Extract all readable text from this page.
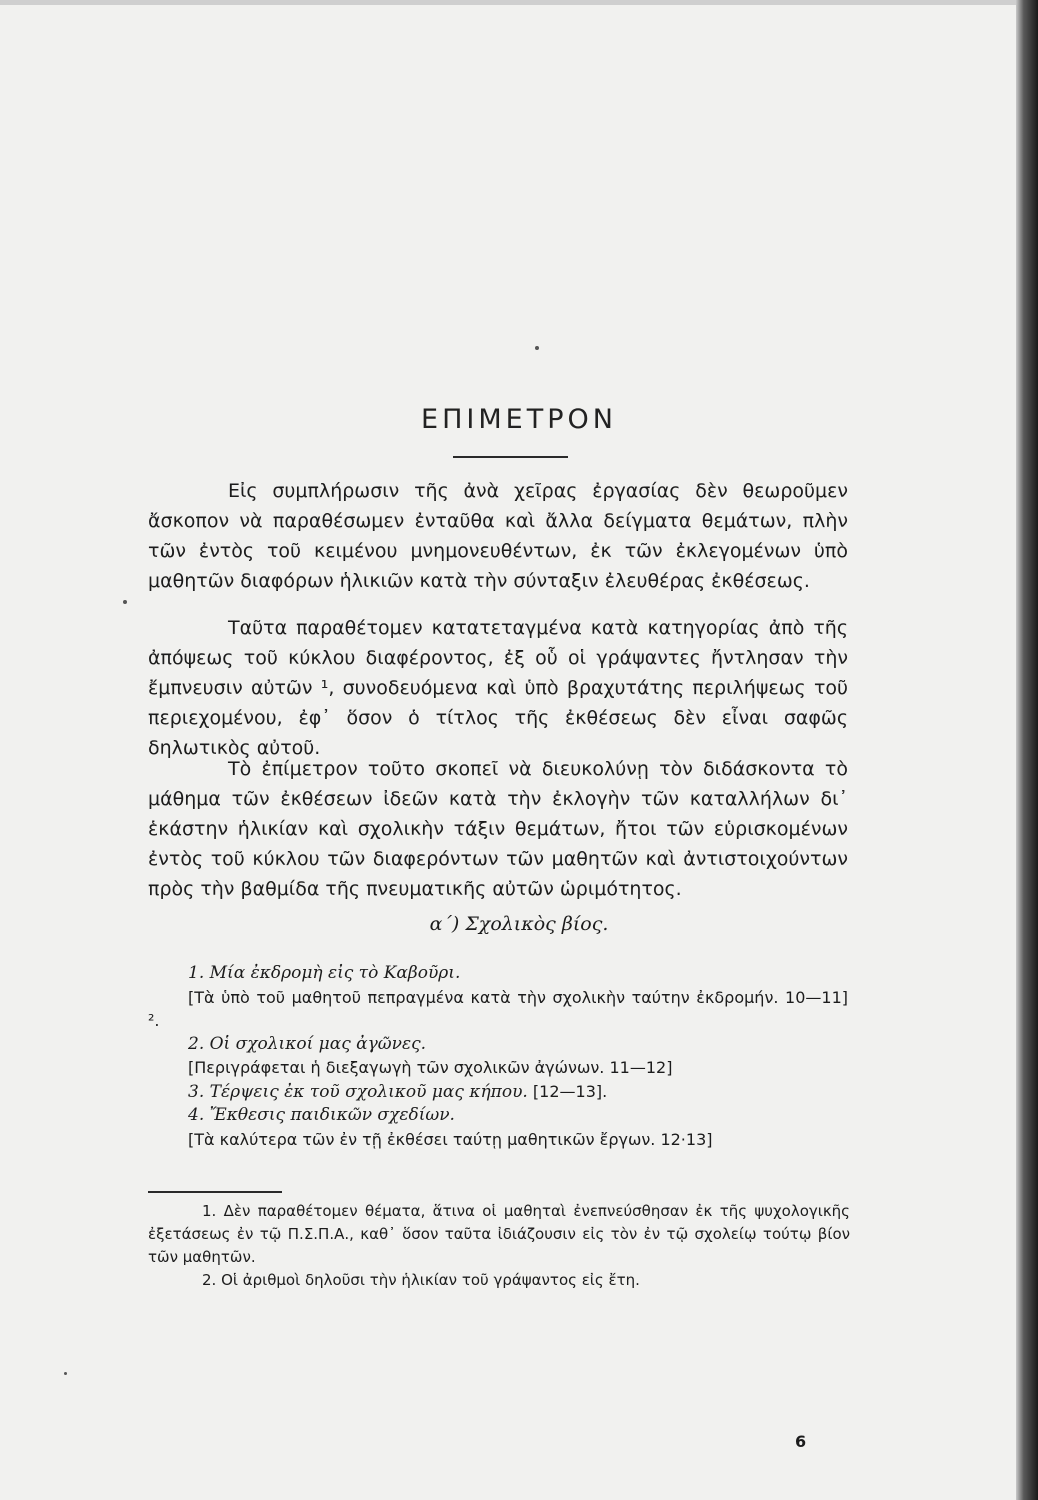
ΕΠΙΜΕΤΡΟΝ

Εἰς συμπλήρωσιν τῆς ἀνὰ χεῖρας ἐργασίας δὲν θεωροῦμεν ἄσκοπον νὰ παραθέσωμεν ἐνταῦθα καὶ ἄλλα δείγματα θεμάτων, πλὴν τῶν ἐντὸς τοῦ κειμένου μνημονευθέντων, ἐκ τῶν ἐκλεγομένων ὑπὸ μαθητῶν διαφόρων ἡλικιῶν κατὰ τὴν σύνταξιν ἐλευθέρας ἐκθέσεως.

Ταῦτα παραθέτομεν κατατεταγμένα κατὰ κατηγορίας ἀπὸ τῆς ἀπόψεως τοῦ κύκλου διαφέροντος, ἐξ οὗ οἱ γράψαντες ἤντλησαν τὴν ἔμπνευσιν αὐτῶν ¹, συνοδευόμενα καὶ ὑπὸ βραχυτάτης περιλήψεως τοῦ περιεχομένου, ἐφ᾽ ὅσον ὁ τίτλος τῆς ἐκθέσεως δὲν εἶναι σαφῶς δηλωτικὸς αὐτοῦ.

Τὸ ἐπίμετρον τοῦτο σκοπεῖ νὰ διευκολύνῃ τὸν διδάσκοντα τὸ μάθημα τῶν ἐκθέσεων ἰδεῶν κατὰ τὴν ἐκλογὴν τῶν καταλλήλων δι᾽ ἑκάστην ἡλικίαν καὶ σχολικὴν τάξιν θεμάτων, ἤτοι τῶν εὑρισκομένων ἐντὸς τοῦ κύκλου τῶν διαφερόντων τῶν μαθητῶν καὶ ἀντιστοιχούντων πρὸς τὴν βαθμίδα τῆς πνευματικῆς αὐτῶν ὡριμότητος.

α΄) Σχολικὸς βίος.
1. Μία ἐκδρομὴ εἰς τὸ Καβοῦρι.
[Τὰ ὑπὸ τοῦ μαθητοῦ πεπραγμένα κατὰ τὴν σχολικὴν ταύτην ἐκδρομήν. 10—11] ².
2. Οἱ σχολικοί μας ἀγῶνες.
[Περιγράφεται ἡ διεξαγωγὴ τῶν σχολικῶν ἀγώνων. 11—12]
3. Τέρψεις ἐκ τοῦ σχολικοῦ μας κήπου. [12—13].
4. Ἔκθεσις παιδικῶν σχεδίων.
[Τὰ καλύτερα τῶν ἐν τῇ ἐκθέσει ταύτῃ μαθητικῶν ἔργων. 12·13]

1. Δὲν παραθέτομεν θέματα, ἅτινα οἱ μαθηταὶ ἐνεπνεύσθησαν ἐκ τῆς ψυχολογικῆς ἐξετάσεως ἐν τῷ Π.Σ.Π.Α., καθ᾽ ὅσον ταῦτα ἰδιάζουσιν εἰς τὸν ἐν τῷ σχολείῳ τούτῳ βίον τῶν μαθητῶν.

2. Οἱ ἀριθμοὶ δηλοῦσι τὴν ἡλικίαν τοῦ γράψαντος εἰς ἔτη.

6
